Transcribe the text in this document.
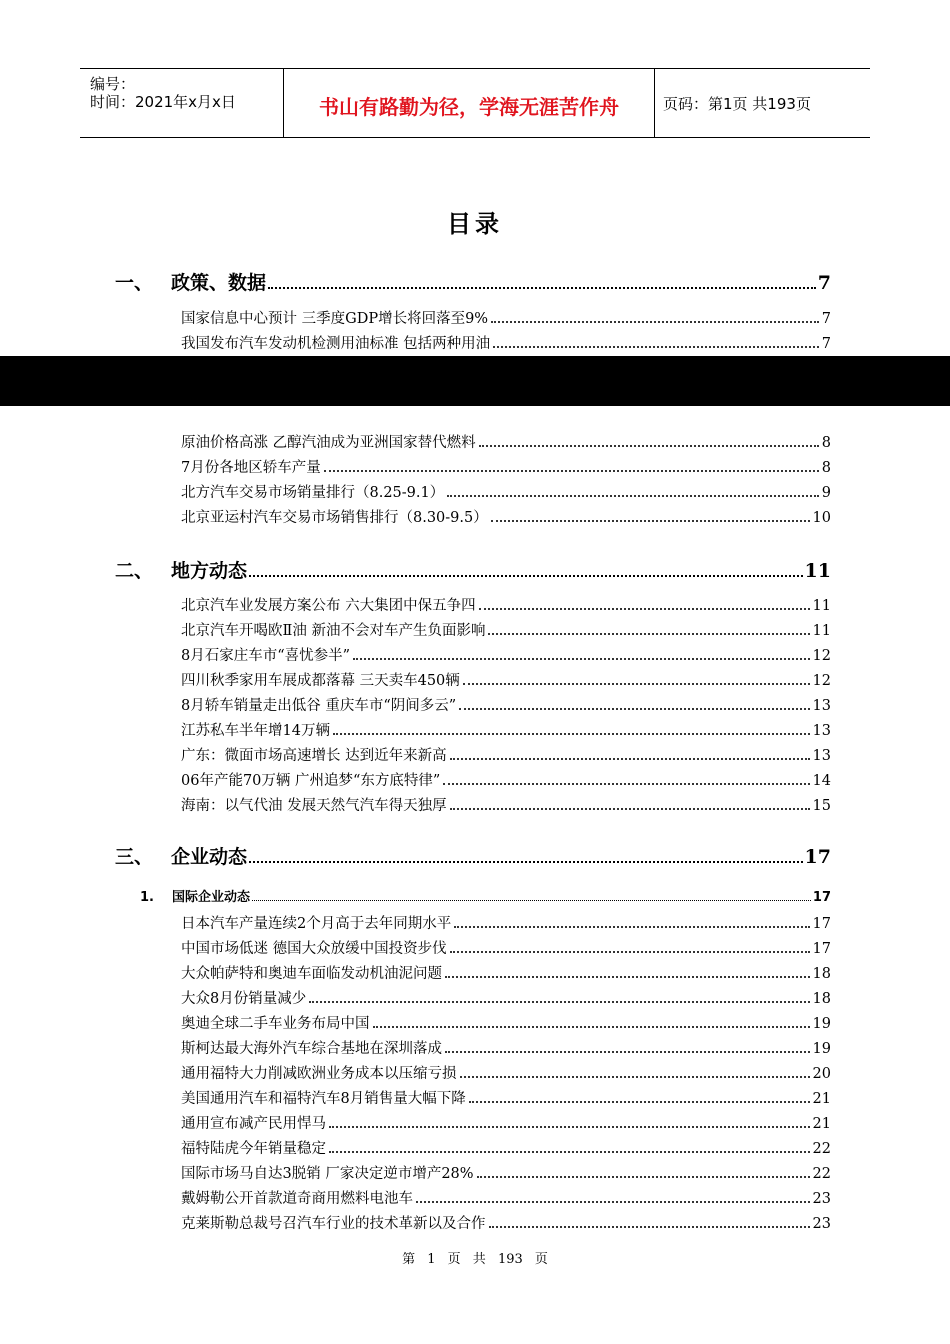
编号：
时间：2021年x月x日	书山有路勤为径，学海无涯苦作舟	页码：第1页 共193页
目录
一、 政策、数据	7
国家信息中心预计 三季度GDP增长将回落至9%	7
我国发布汽车发动机检测用油标准 包括两种用油	7
原油价格高涨 乙醇汽油成为亚洲国家替代燃料	8
7月份各地区轿车产量	8
北方汽车交易市场销量排行（8.25-9.1）	9
北京亚运村汽车交易市场销售排行（8.30-9.5）	10
二、 地方动态	11
北京汽车业发展方案公布 六大集团中保五争四	11
北京汽车开喝欧Ⅱ油 新油不会对车产生负面影响	11
8月石家庄车市“喜忧参半”	12
四川秋季家用车展成都落幕 三天卖车450辆	12
8月轿车销量走出低谷 重庆车市“阴间多云”	13
江苏私车半年增14万辆	13
广东：微面市场高速增长 达到近年来新高	13
06年产能70万辆 广州追梦“东方底特律”	14
海南：以气代油 发展天然气汽车得天独厚	15
三、 企业动态	17
1.	国际企业动态	17
日本汽车产量连续2个月高于去年同期水平	17
中国市场低迷 德国大众放缓中国投资步伐	17
大众帕萨特和奥迪车面临发动机油泥问题	18
大众8月份销量减少	18
奥迪全球二手车业务布局中国	19
斯柯达最大海外汽车综合基地在深圳落成	19
通用福特大力削减欧洲业务成本以压缩亏损	20
美国通用汽车和福特汽车8月销售量大幅下降	21
通用宣布减产民用悍马	21
福特陆虎今年销量稳定	22
国际市场马自达3脱销 厂家决定逆市增产28%	22
戴姆勒公开首款道奇商用燃料电池车	23
克莱斯勒总裁号召汽车行业的技术革新以及合作	23
第 1 页 共 193 页
